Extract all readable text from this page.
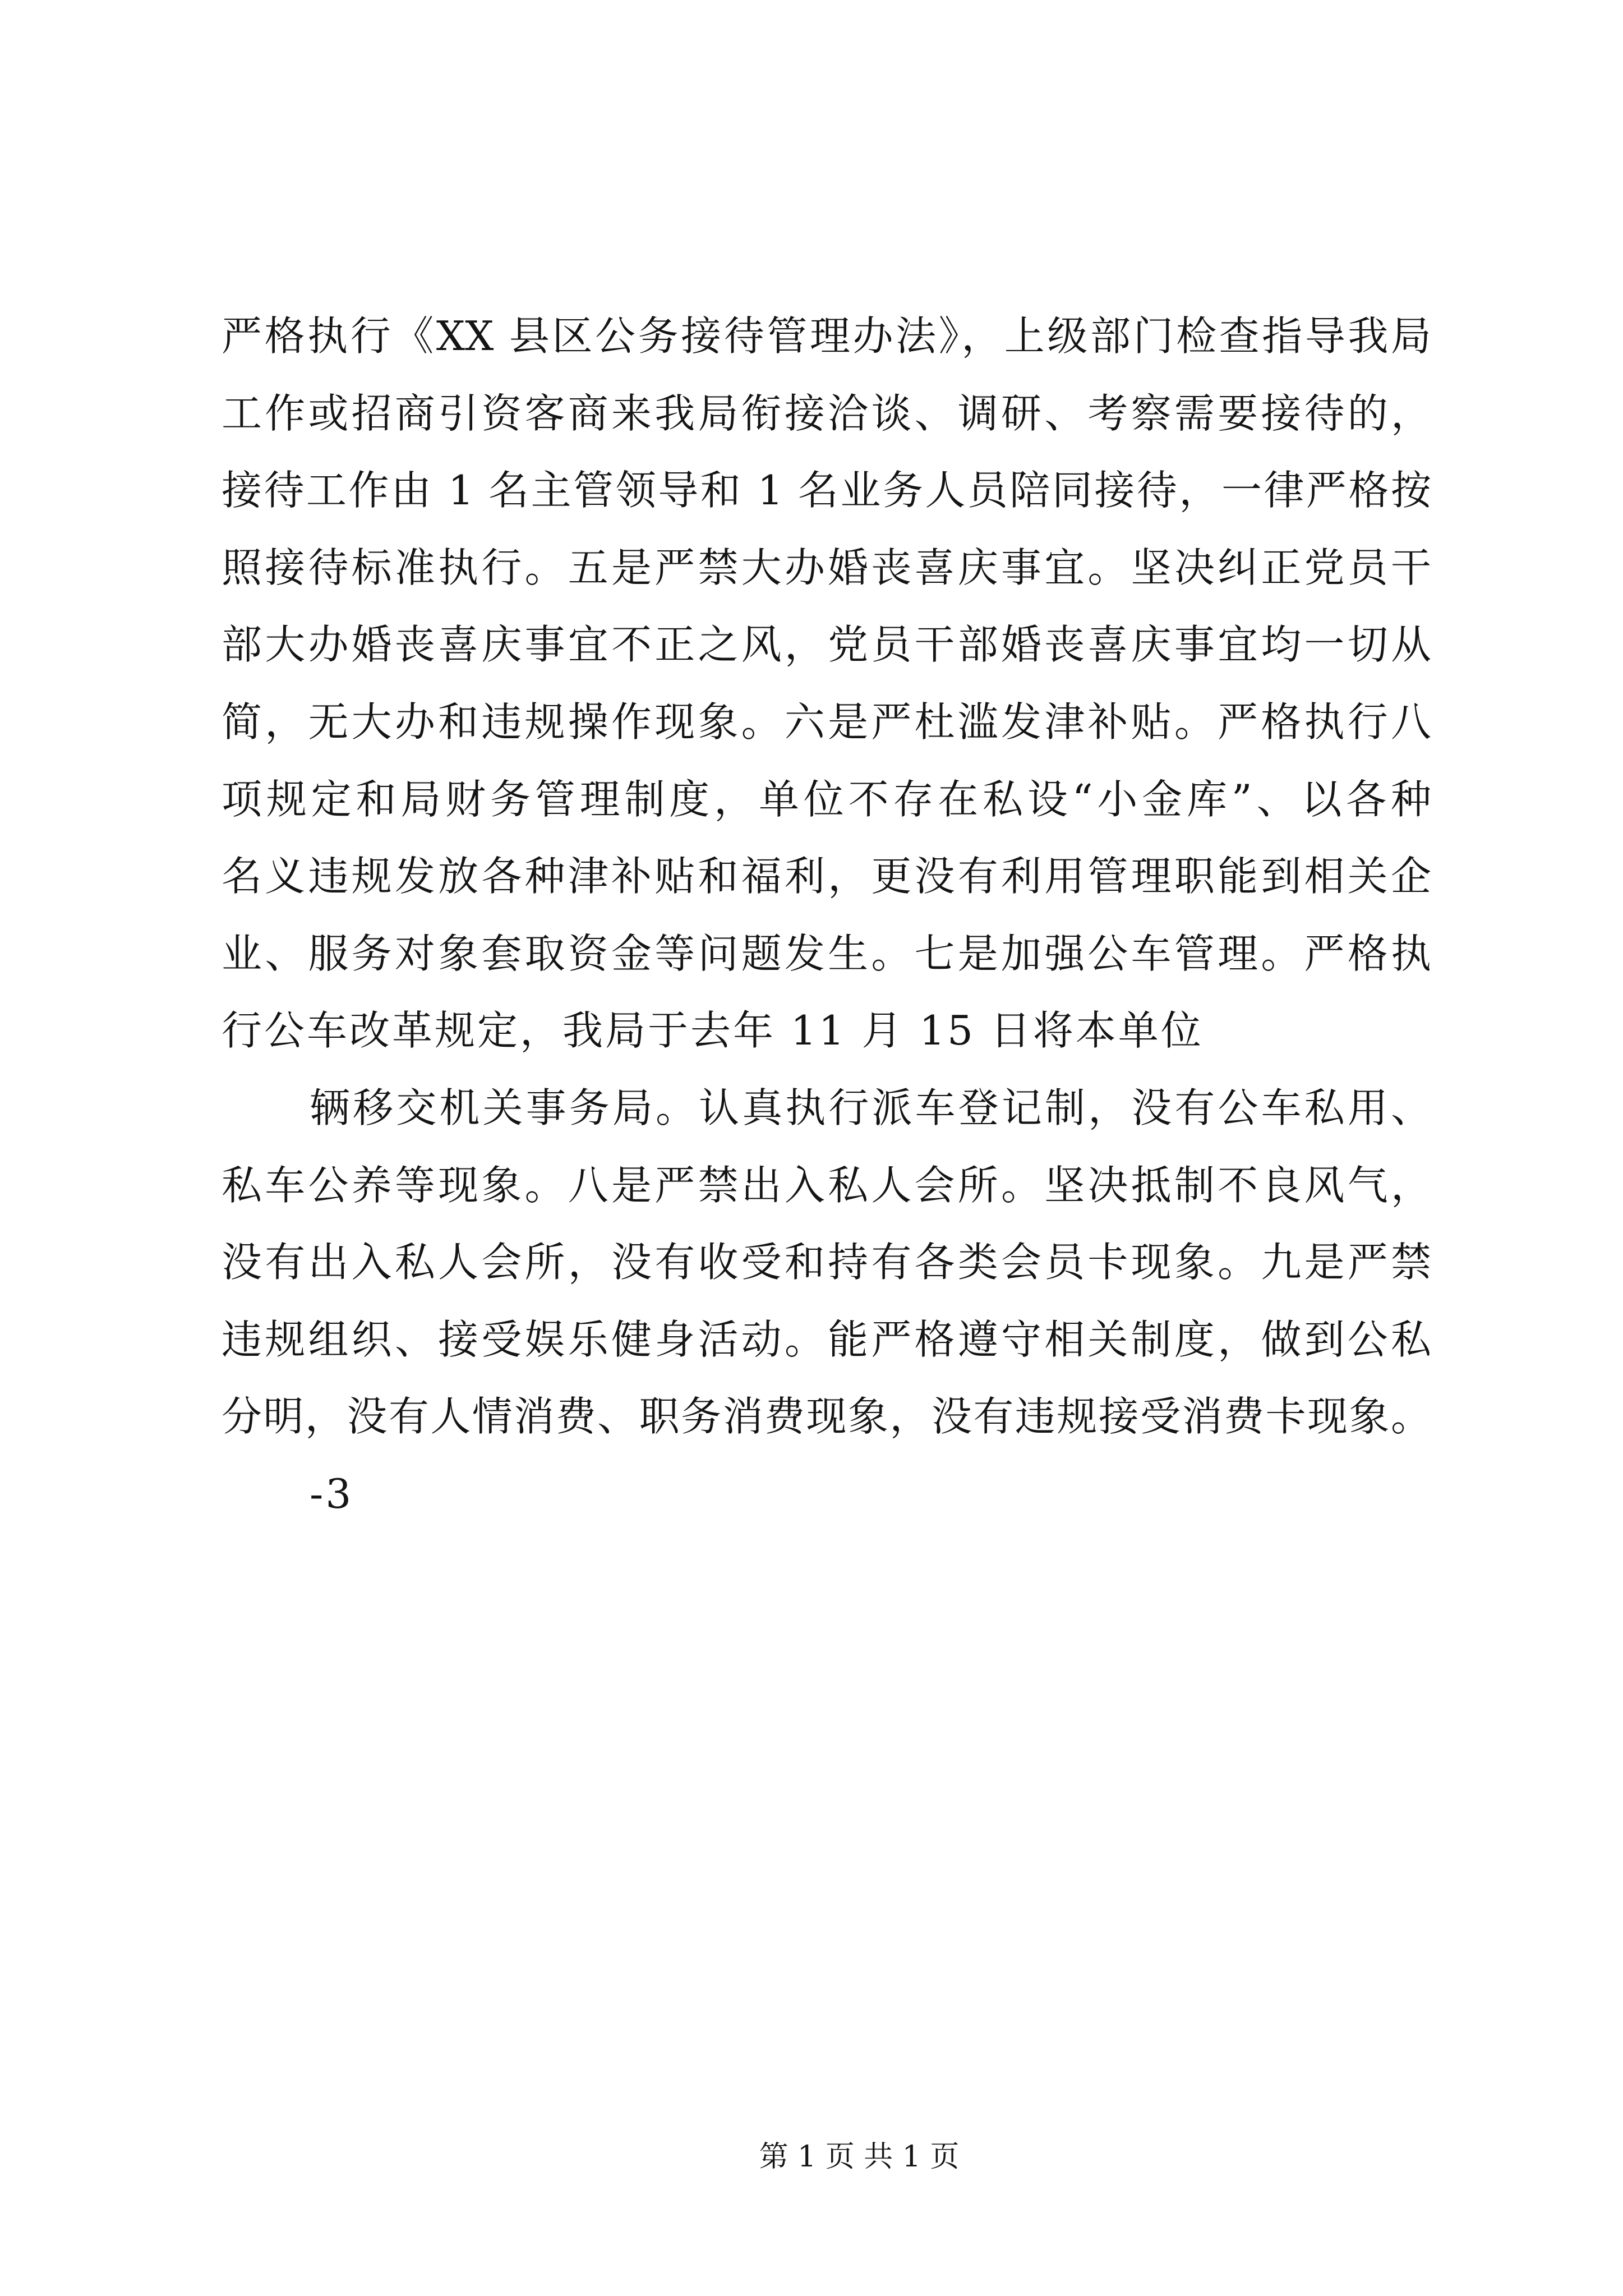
严格执行《XX 县区公务接待管理办法》，上级部门检查指导我局
工作或招商引资客商来我局衔接洽谈、调研、考察需要接待的，
接待工作由 1 名主管领导和 1 名业务人员陪同接待，一律严格按
照接待标准执行。五是严禁大办婚丧喜庆事宜。坚决纠正党员干
部大办婚丧喜庆事宜不正之风，党员干部婚丧喜庆事宜均一切从
简，无大办和违规操作现象。六是严杜滥发津补贴。严格执行八
项规定和局财务管理制度，单位不存在私设“小金库”、以各种
名义违规发放各种津补贴和福利，更没有利用管理职能到相关企
业、服务对象套取资金等问题发生。七是加强公车管理。严格执
行公车改革规定，我局于去年 11 月 15 日将本单位
辆移交机关事务局。认真执行派车登记制，没有公车私用、
私车公养等现象。八是严禁出入私人会所。坚决抵制不良风气，
没有出入私人会所，没有收受和持有各类会员卡现象。九是严禁
违规组织、接受娱乐健身活动。能严格遵守相关制度，做到公私
分明，没有人情消费、职务消费现象，没有违规接受消费卡现象。
-3
第 1 页 共 1 页
